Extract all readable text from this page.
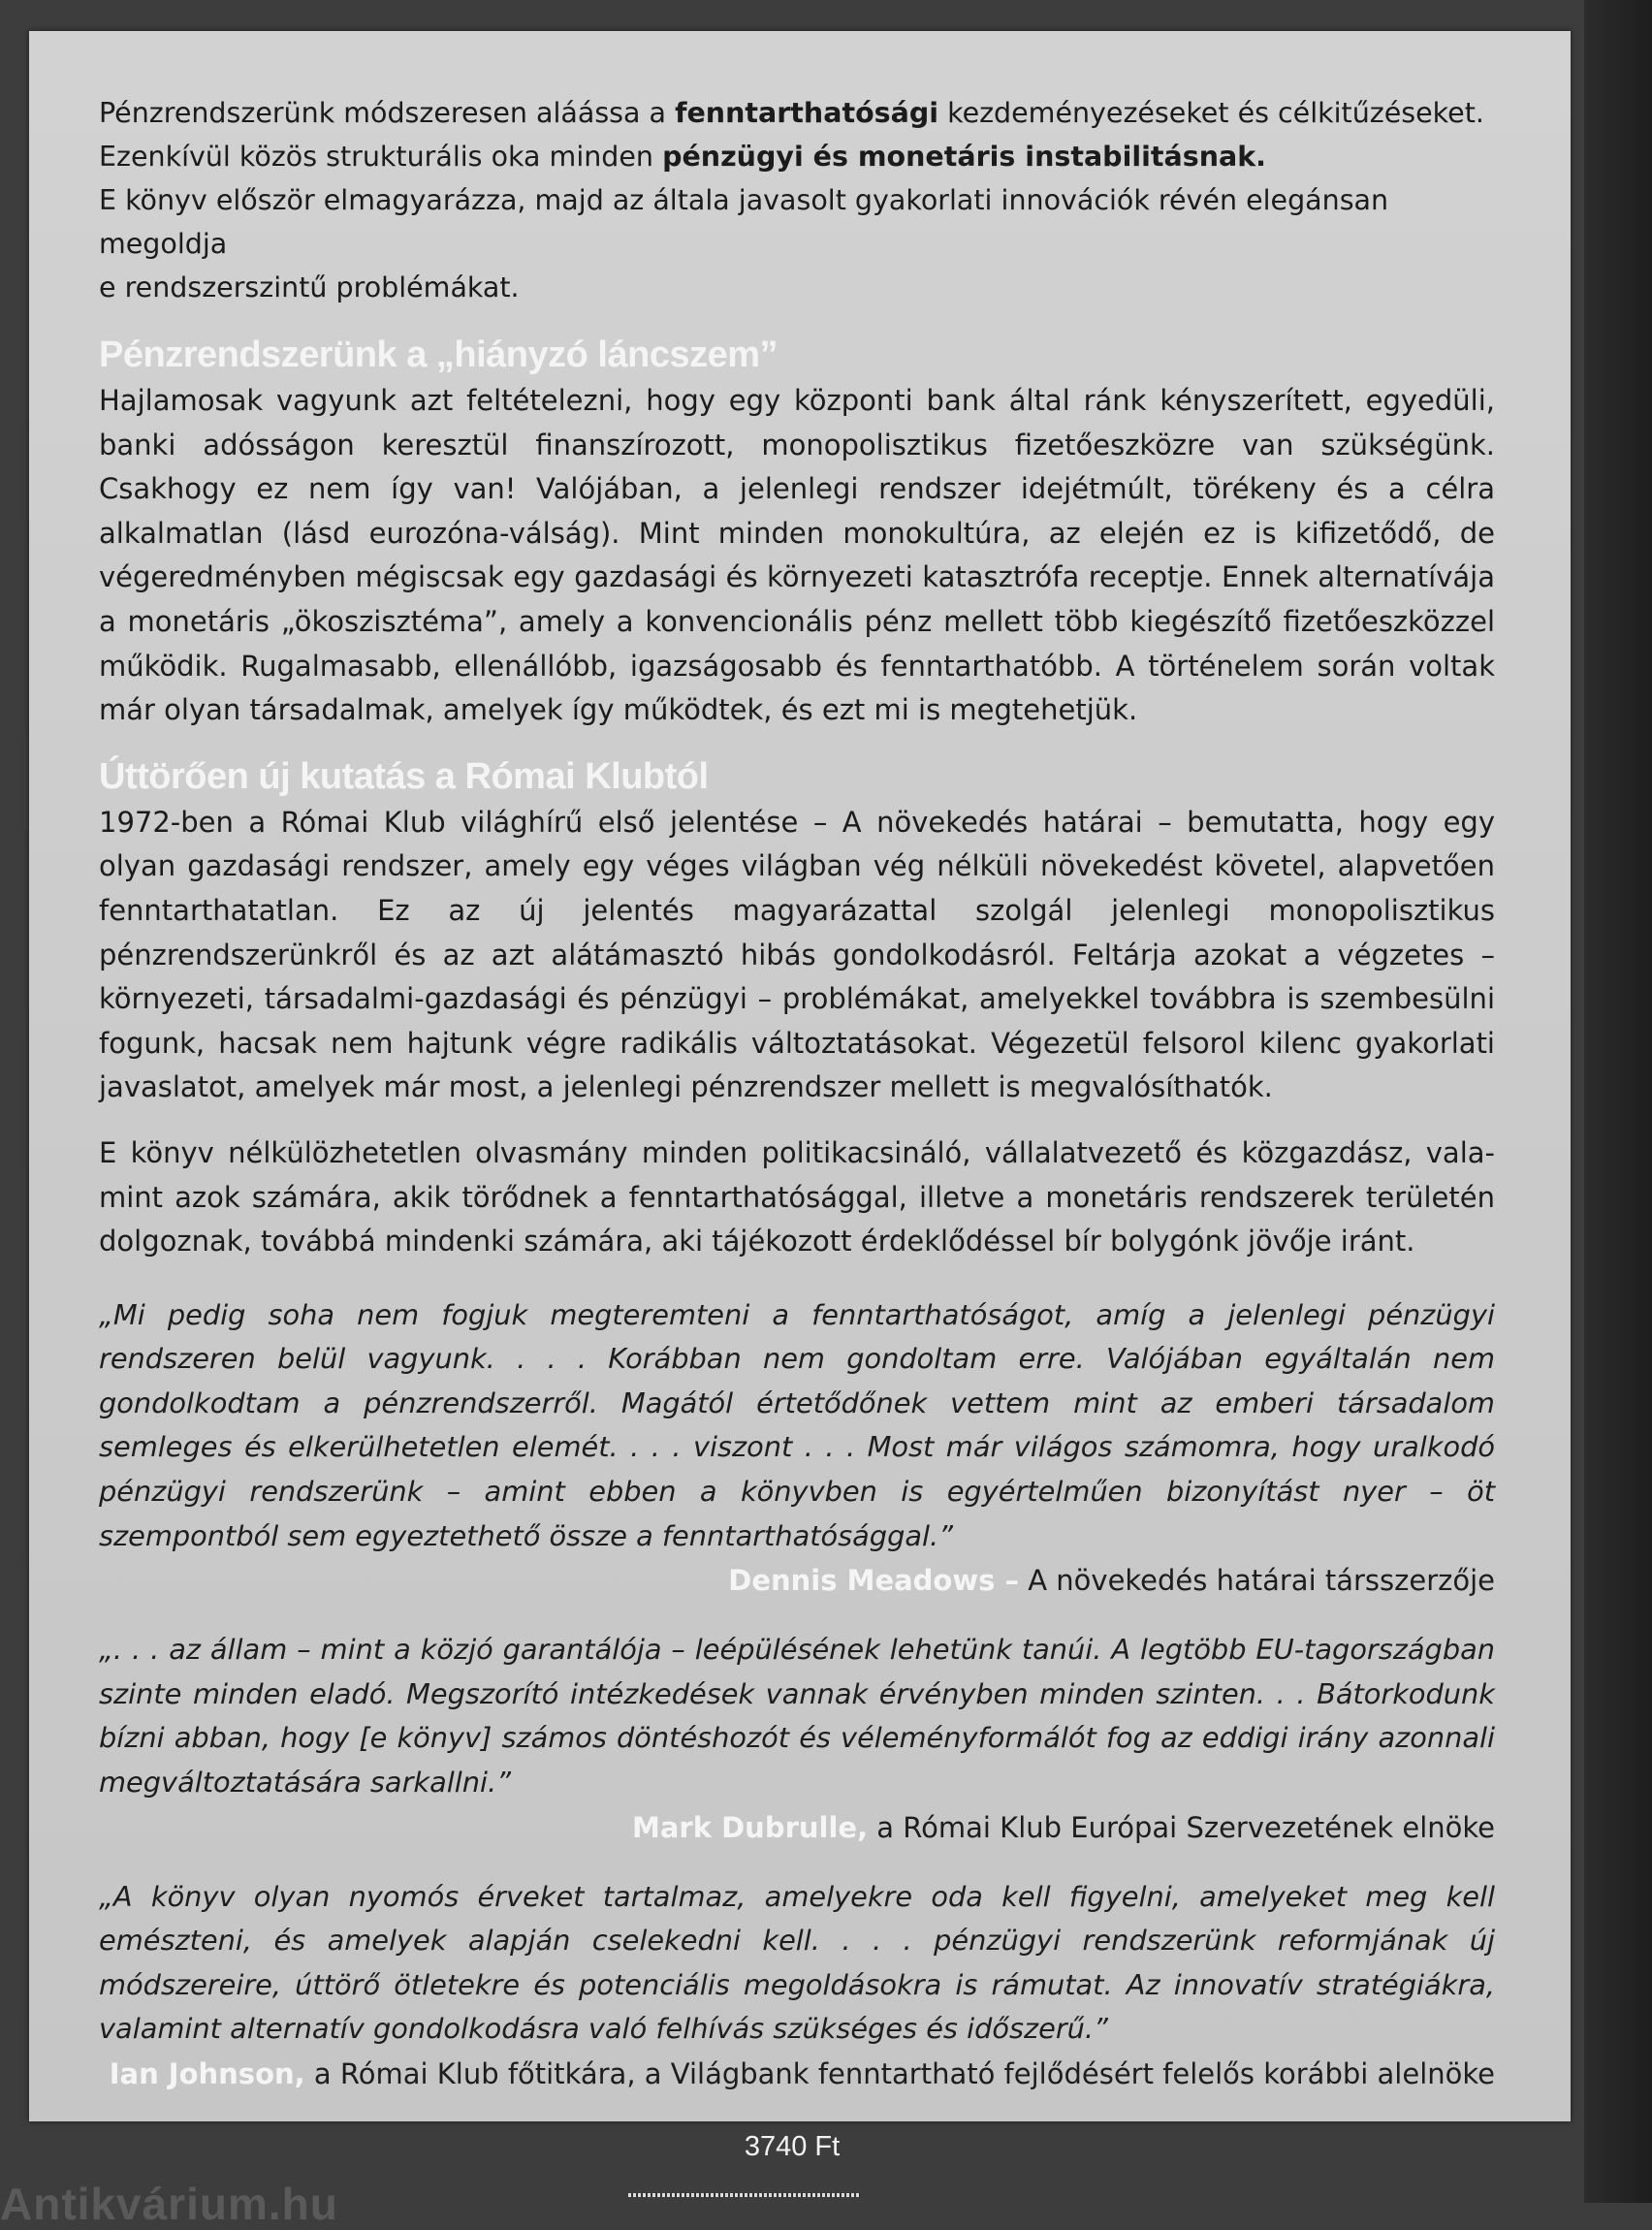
Pénzrendszerünk módszeresen aláássa a fenntarthatósági kezdeményezéseket és célkitűzéseket.
Ezenkívül közös strukturális oka minden pénzügyi és monetáris instabilitásnak.
E könyv először elmagyarázza, majd az általa javasolt gyakorlati innovációk révén elegánsan megoldja
e rendszerszintű problémákat.

Pénzrendszerünk a „hiányzó láncszem”

Hajlamosak vagyunk azt feltételezni, hogy egy központi bank által ránk kényszerített, egyedüli, banki adósságon keresztül finanszírozott, monopolisztikus fizetőeszközre van szükségünk. Csakhogy ez nem így van! Valójában, a jelenlegi rendszer idejétmúlt, törékeny és a célra alkalmatlan (lásd eurozóna-válság). Mint minden monokultúra, az elején ez is kifizetődő, de végeredményben mégiscsak egy gazdasági és környezeti katasztrófa receptje. Ennek alternatívája a monetáris „ökoszisztéma”, amely a konvencionális pénz mellett több kiegészítő fizetőeszközzel működik. Rugalmasabb, ellenállóbb, igazságosabb és fenntarthatóbb. A történelem során voltak már olyan társadalmak, amelyek így működtek, és ezt mi is megtehetjük.

Úttörően új kutatás a Római Klubtól

1972-ben a Római Klub világhírű első jelentése – A növekedés határai – bemutatta, hogy egy olyan gazdasági rendszer, amely egy véges világban vég nélküli növekedést követel, alapvetően fenntarthatatlan. Ez az új jelentés magyarázattal szolgál jelenlegi monopolisztikus pénzrendszerünkről és az azt alátámasztó hibás gondolkodásról. Feltárja azokat a végzetes – környezeti, társadalmi-gazdasági és pénzügyi – problémákat, amelyekkel továbbra is szembesülni fogunk, hacsak nem hajtunk végre radikális változtatásokat. Végezetül felsorol kilenc gyakorlati javaslatot, amelyek már most, a jelenlegi pénzrendszer mellett is megvalósíthatók.

E könyv nélkülözhetetlen olvasmány minden politikacsináló, vállalatvezető és közgazdász, valamint azok számára, akik törődnek a fenntarthatósággal, illetve a monetáris rendszerek területén dolgoznak, továbbá mindenki számára, aki tájékozott érdeklődéssel bír bolygónk jövője iránt.

„Mi pedig soha nem fogjuk megteremteni a fenntarthatóságot, amíg a jelenlegi pénzügyi rendszeren belül vagyunk. . . . Korábban nem gondoltam erre. Valójában egyáltalán nem gondolkodtam a pénzrendszerről. Magától értetődőnek vettem mint az emberi társadalom semleges és elkerülhetetlen elemét. . . . viszont . . . Most már világos számomra, hogy uralkodó pénzügyi rendszerünk – amint ebben a könyvben is egyértelműen bizonyítást nyer – öt szempontból sem egyeztethető össze a fenntarthatósággal.”

Dennis Meadows – A növekedés határai társszerzője

„. . . az állam – mint a közjó garantálója – leépülésének lehetünk tanúi. A legtöbb EU-tagországban szinte minden eladó. Megszorító intézkedések vannak érvényben minden szinten. . . Bátorkodunk bízni abban, hogy [e könyv] számos döntéshozót és véleményformálót fog az eddigi irány azonnali megváltoztatására sarkallni.”

Mark Dubrulle, a Római Klub Európai Szervezetének elnöke

„A könyv olyan nyomós érveket tartalmaz, amelyekre oda kell figyelni, amelyeket meg kell emészteni, és amelyek alapján cselekedni kell. . . . pénzügyi rendszerünk reformjának új módszereire, úttörő ötletekre és potenciális megoldásokra is rámutat. Az innovatív stratégiákra, valamint alternatív gondolkodásra való felhívás szükséges és időszerű.”

Ian Johnson, a Római Klub főtitkára, a Világbank fenntartható fejlődésért felelős korábbi alelnöke

3740 Ft
Antikvárium.hu
